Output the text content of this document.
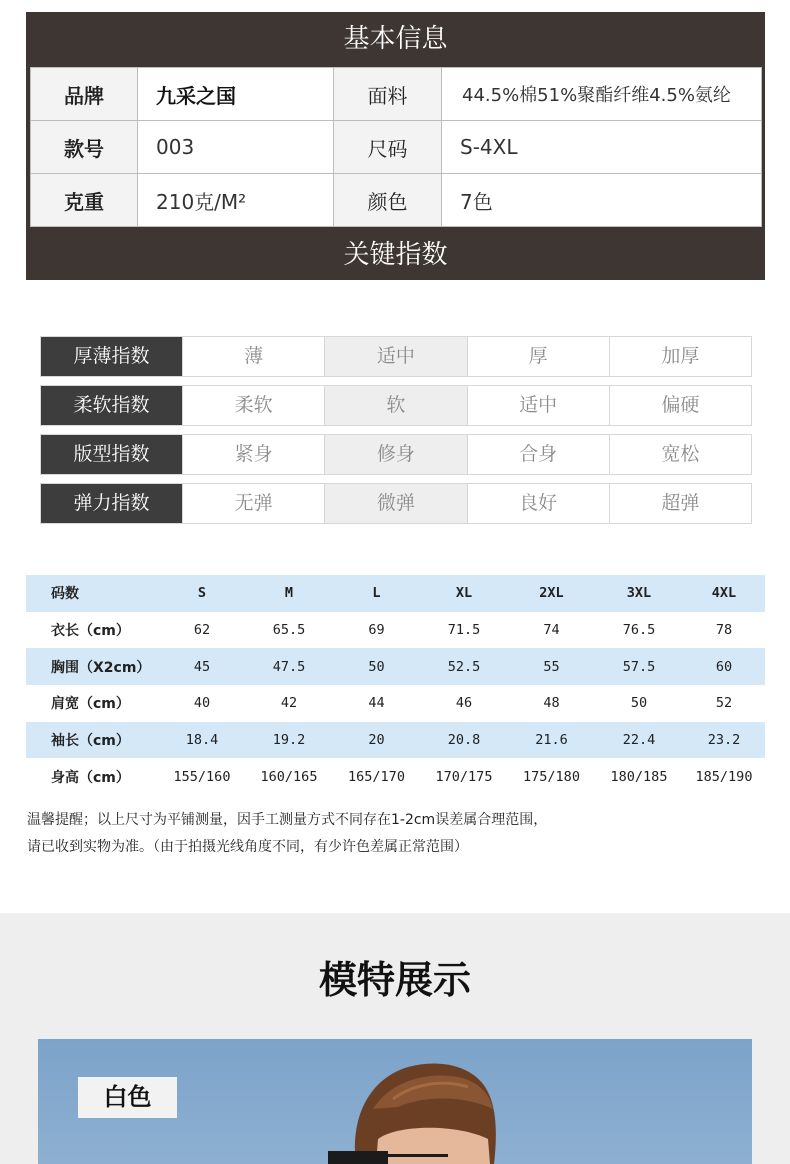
基本信息
品牌	九采之国	面料	44.5%棉51%聚酯纤维4.5%氨纶
款号	003	尺码	S-4XL
克重	210克/M²	颜色	7色
关键指数
厚薄指数	薄	适中	厚	加厚
柔软指数	柔软	软	适中	偏硬
版型指数	紧身	修身	合身	宽松
弹力指数	无弹	微弹	良好	超弹
码数	S	M	L	XL	2XL	3XL	4XL
衣长（cm）	62	65.5	69	71.5	74	76.5	78
胸围（X2cm）	45	47.5	50	52.5	55	57.5	60
肩宽（cm）	40	42	44	46	48	50	52
袖长（cm）	18.4	19.2	20	20.8	21.6	22.4	23.2
身高（cm）	155/160	160/165	165/170	170/175	175/180	180/185	185/190
温馨提醒；以上尺寸为平铺测量，因手工测量方式不同存在1-2cm误差属合理范围，
请已收到实物为准。（由于拍摄光线角度不同，有少许色差属正常范围）
模特展示
白色
